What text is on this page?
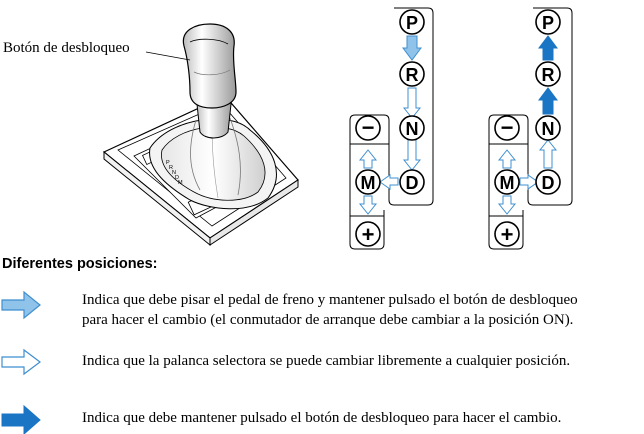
P
R
N
D
M
P
R
N
D
M
−
+
P
R
N
D
M
−
+
Botón de desbloqueo
Diferentes posiciones:
Indica que debe pisar el pedal de freno y mantener pulsado el botón de desbloqueo
para hacer el cambio (el conmutador de arranque debe cambiar a la posición ON).
Indica que la palanca selectora se puede cambiar libremente a cualquier posición.
Indica que debe mantener pulsado el botón de desbloqueo para hacer el cambio.
